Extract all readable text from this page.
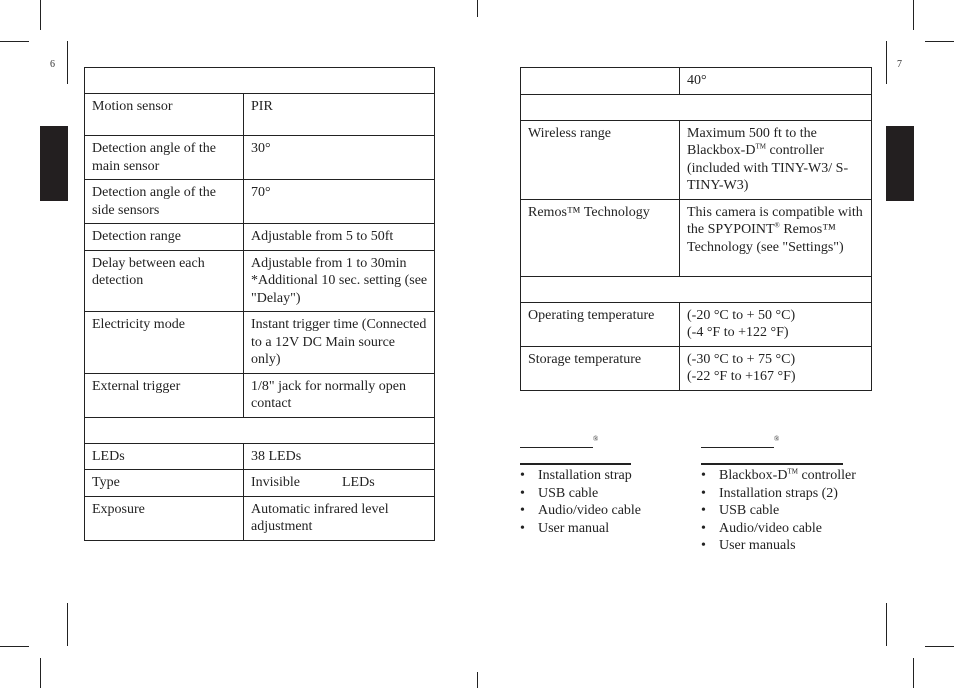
6	7

Motion sensor	PIR
Detection angle of the main sensor	30°
Detection angle of the side sensors	70°
Detection range	Adjustable from 5 to 50ft
Delay between each detection	Adjustable from 1 to 30min
*Additional 10 sec. setting (see "Delay")

Electricity mode	Instant trigger time (Connected to a 12V DC Main source only)
External trigger	1/8" jack for normally open contact

LEDs	38 LEDs
Type	Invisible LEDs
Exposure	Automatic infrared level adjustment
	40°

Wireless range	Maximum 500 ft to the Blackbox-D™ controller (included with TINY-W3/ S-TINY-W3)
Remos™ Technology	This camera is compatible with the SPYPOINT® Remos™ Technology (see "Settings")

Operating temperature	(-20 °C to + 50 °C)
(-4 °F to +122 °F)

Storage temperature	(-30 °C to + 75 °C)
(-22 °F to +167 °F)
®
• Installation strap
• USB cable
• Audio/video cable
• User manual
®
• Blackbox-D™ controller
• Installation straps (2)
• USB cable
• Audio/video cable
• User manuals
